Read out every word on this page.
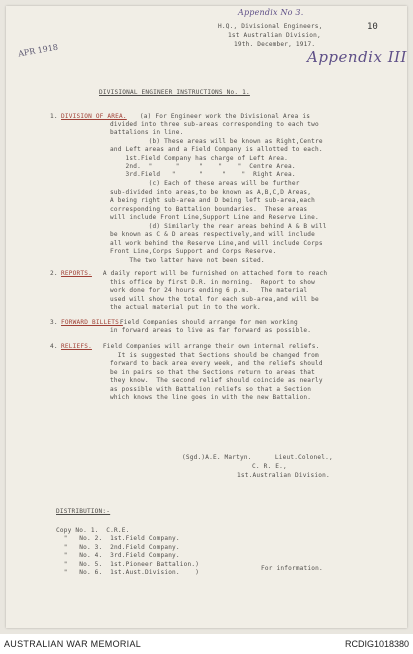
Appendix No 3.
10
Appendix III
APR 1918
H.Q., Divisional Engineers,
1st Australian Division,
19th. December, 1917.
DIVISIONAL ENGINEER INSTRUCTIONS No. 1.
1. DIVISION OF AREA. (a) For Engineer work the Divisional Area is
divided into three sub-areas corresponding to each two
battalions in line.
(b) These areas will be known as Right,Centre
and Left areas and a Field Company is allotted to each.
1st.Field Company has charge of Left Area.
2nd.  "      "     "    "    "  Centre Area.
3rd.Field   "      "     "    "  Right Area.
(c) Each of these areas will be further
sub-divided into areas,to be known as A,B,C,D Areas,
A being right sub-area and D being left sub-area,each
corresponding to Battalion boundaries.  These areas
will include Front Line,Support Line and Reserve Line.
(d) Similarly the rear areas behind A & B will
be known as C & D areas respectively,and will include
all work behind the Reserve Line,and will include Corps
Front Line,Corps Support and Corps Reserve.
The two latter have not been sited.
2. REPORTS. A daily report will be furnished on attached form to reach
this office by first D.R. in morning.  Report to show
work done for 24 hours ending 6 p.m.   The material
used will show the total for each sub-area,and will be
the actual material put in to the work.
3. FORWARD BILLETS.
Field Companies should arrange for men working
in forward areas to live as far forward as possible.
4. RELIEFS. Field Companies will arrange their own internal reliefs.
It is suggested that Sections should be changed from
forward to back area every week, and the reliefs should
be in pairs so that the Sections return to areas that
they know.  The second relief should coincide as nearly
as possible with Battalion reliefs so that a Section
which knows the line goes in with the new Battalion.
(Sgd.)A.E. Martyn.      Lieut.Colonel.,
C. R. E.,
1st.Australian Division.
DISTRIBUTION:-
Copy No. 1.  C.R.E.
"   No. 2.  1st.Field Company.
"   No. 3.  2nd.Field Company.
"   No. 4.  3rd.Field Company.
"   No. 5.  1st.Pioneer Battalion.)
"   No. 6.  1st.Aust.Division.    )
For information.
AUSTRALIAN WAR MEMORIAL	RCDIG1018380
